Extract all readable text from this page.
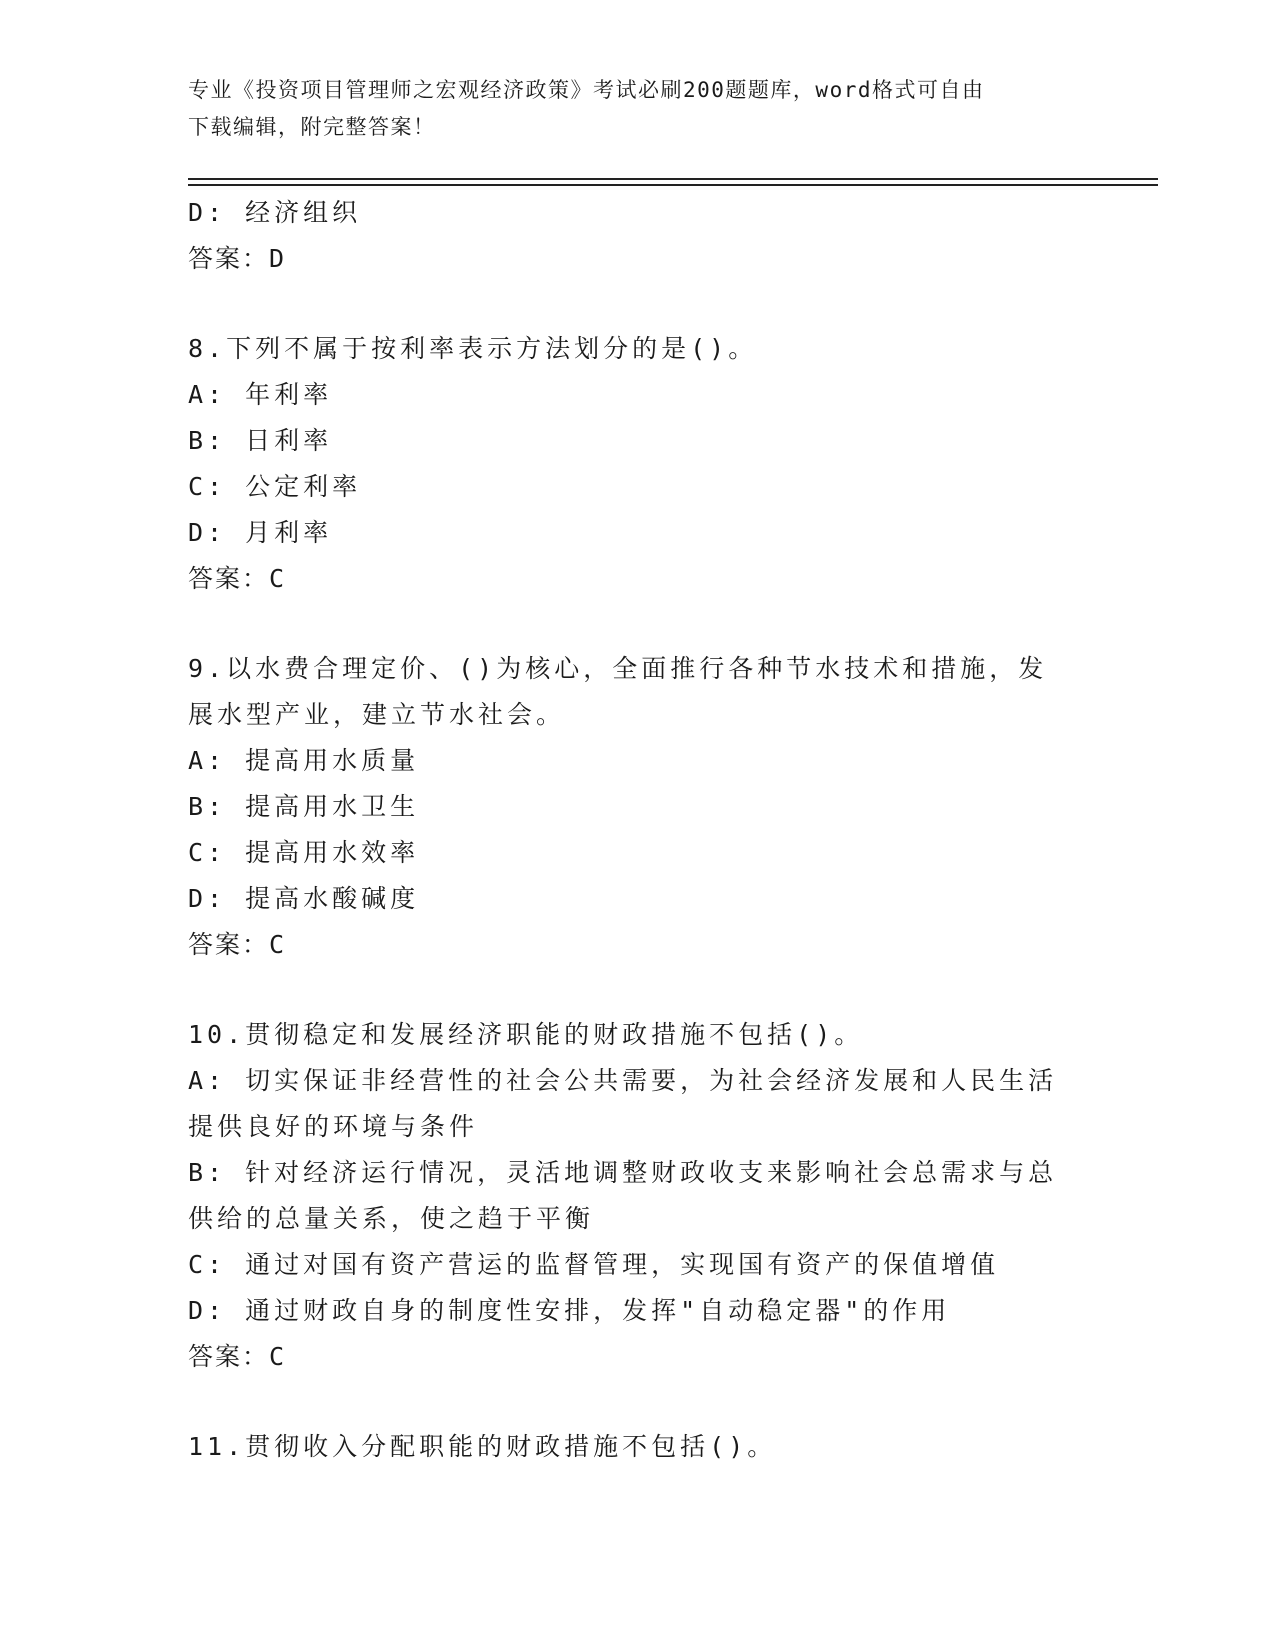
专业《投资项目管理师之宏观经济政策》考试必刷200题题库，word格式可自由
下载编辑，附完整答案！
D: 经济组织
答案：D
8.下列不属于按利率表示方法划分的是()。
A: 年利率
B: 日利率
C: 公定利率
D: 月利率
答案：C
9.以水费合理定价、()为核心，全面推行各种节水技术和措施，发展水型产业，建立节水社会。
A: 提高用水质量
B: 提高用水卫生
C: 提高用水效率
D: 提高水酸碱度
答案：C
10.贯彻稳定和发展经济职能的财政措施不包括()。
A: 切实保证非经营性的社会公共需要，为社会经济发展和人民生活提供良好的环境与条件
B: 针对经济运行情况，灵活地调整财政收支来影响社会总需求与总供给的总量关系，使之趋于平衡
C: 通过对国有资产营运的监督管理，实现国有资产的保值增值
D: 通过财政自身的制度性安排，发挥"自动稳定器"的作用
答案：C
11.贯彻收入分配职能的财政措施不包括()。
